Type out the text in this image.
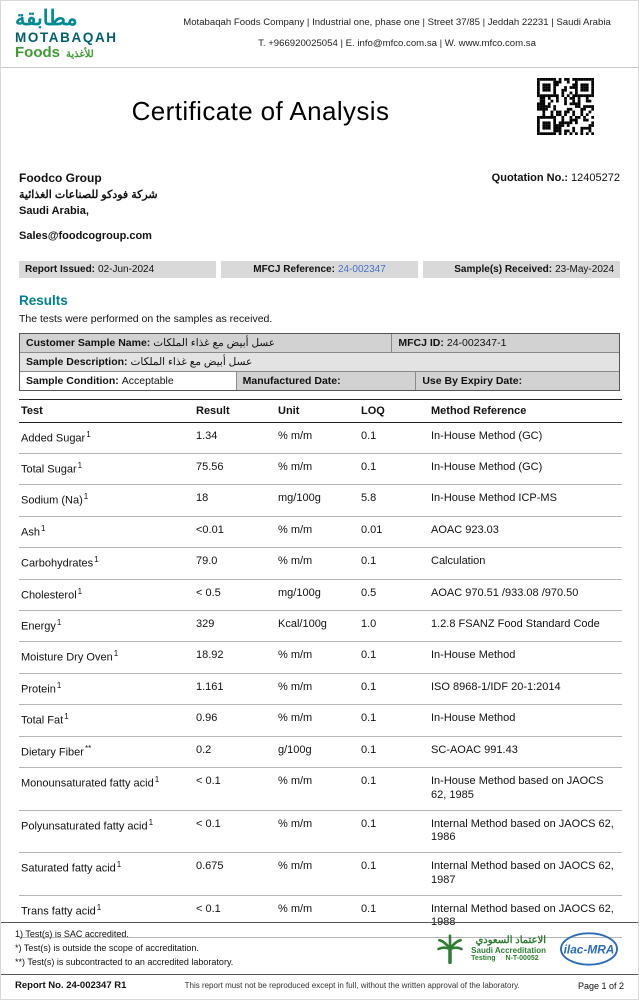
مطابقة
MOTABAQAH
Foods للأغذية
Motabaqah Foods Company | Industrial one, phase one | Street 37/85 | Jeddah 22231 | Saudi Arabia
T. +966920025054 | E. info@mfco.com.sa | W. www.mfco.com.sa
Certificate of Analysis
Foodco Group
شركة فودكو للصناعات الغذائية
Saudi Arabia,
Sales@foodcogroup.com
Quotation No.: 12405272
Report Issued: 02-Jun-2024	MFCJ Reference: 24-002347	Sample(s) Received: 23-May-2024
Results
The tests were performed on the samples as received.
Customer Sample Name: عسل أبيض مع غذاء الملكات	MFCJ ID: 24-002347-1
Sample Description: عسل أبيض مع غذاء الملكات
Sample Condition: Acceptable	Manufactured Date:	Use By Expiry Date:
Test	Result	Unit	LOQ	Method Reference
Added Sugar$^1$	1.34	% m/m	0.1	In-House Method (GC)
Total Sugar$^1$	75.56	% m/m	0.1	In-House Method (GC)
Sodium $(Na)^1$	18	mg/100g	5.8	In-House Method ICP-MS
Ash$^1$	<0.01	% m/m	0.01	AOAC 923.03
Carbohydrates$^1$	79.0	% m/m	0.1	Calculation
Cholesterol$^1$	< 0.5	mg/100g	0.5	AOAC 970.51 /933.08 /970.50
Energy$^1$	329	Kcal/100g	1.0	1.2.8 FSANZ Food Standard Code
Moisture Dry Oven$^1$	18.92	% m/m	0.1	In-House Method
Protein$^1$	1.161	% m/m	0.1	ISO 8968-1/IDF 20-1:2014
Total Fat$^1$	0.96	% m/m	0.1	In-House Method
Dietary Fiber**	0.2	g/100g	0.1	SC-AOAC 991.43
Monounsaturated fatty acid$^1$	< 0.1	% m/m	0.1	In-House Method based on JAOCS 62, 1985
Polyunsaturated fatty acid$^1$	< 0.1	% m/m	0.1	Internal Method based on JAOCS 62, 1986
Saturated fatty acid$^1$	0.675	% m/m	0.1	Internal Method based on JAOCS 62, 1987
Trans fatty acid$^1$	< 0.1	% m/m	0.1	Internal Method based on JAOCS 62, 1988
1) Test(s) is SAC accredited.
*) Test(s) is outside the scope of accreditation.
**) Test(s) is subcontracted to an accredited laboratory.
الاعتماد السعودي
Saudi Accreditation
Testing N-T-00052
ilac-MRA
Report No. 24-002347 R1	This report must not be reproduced except in full, without the written approval of the laboratory.	Page 1 of 2
